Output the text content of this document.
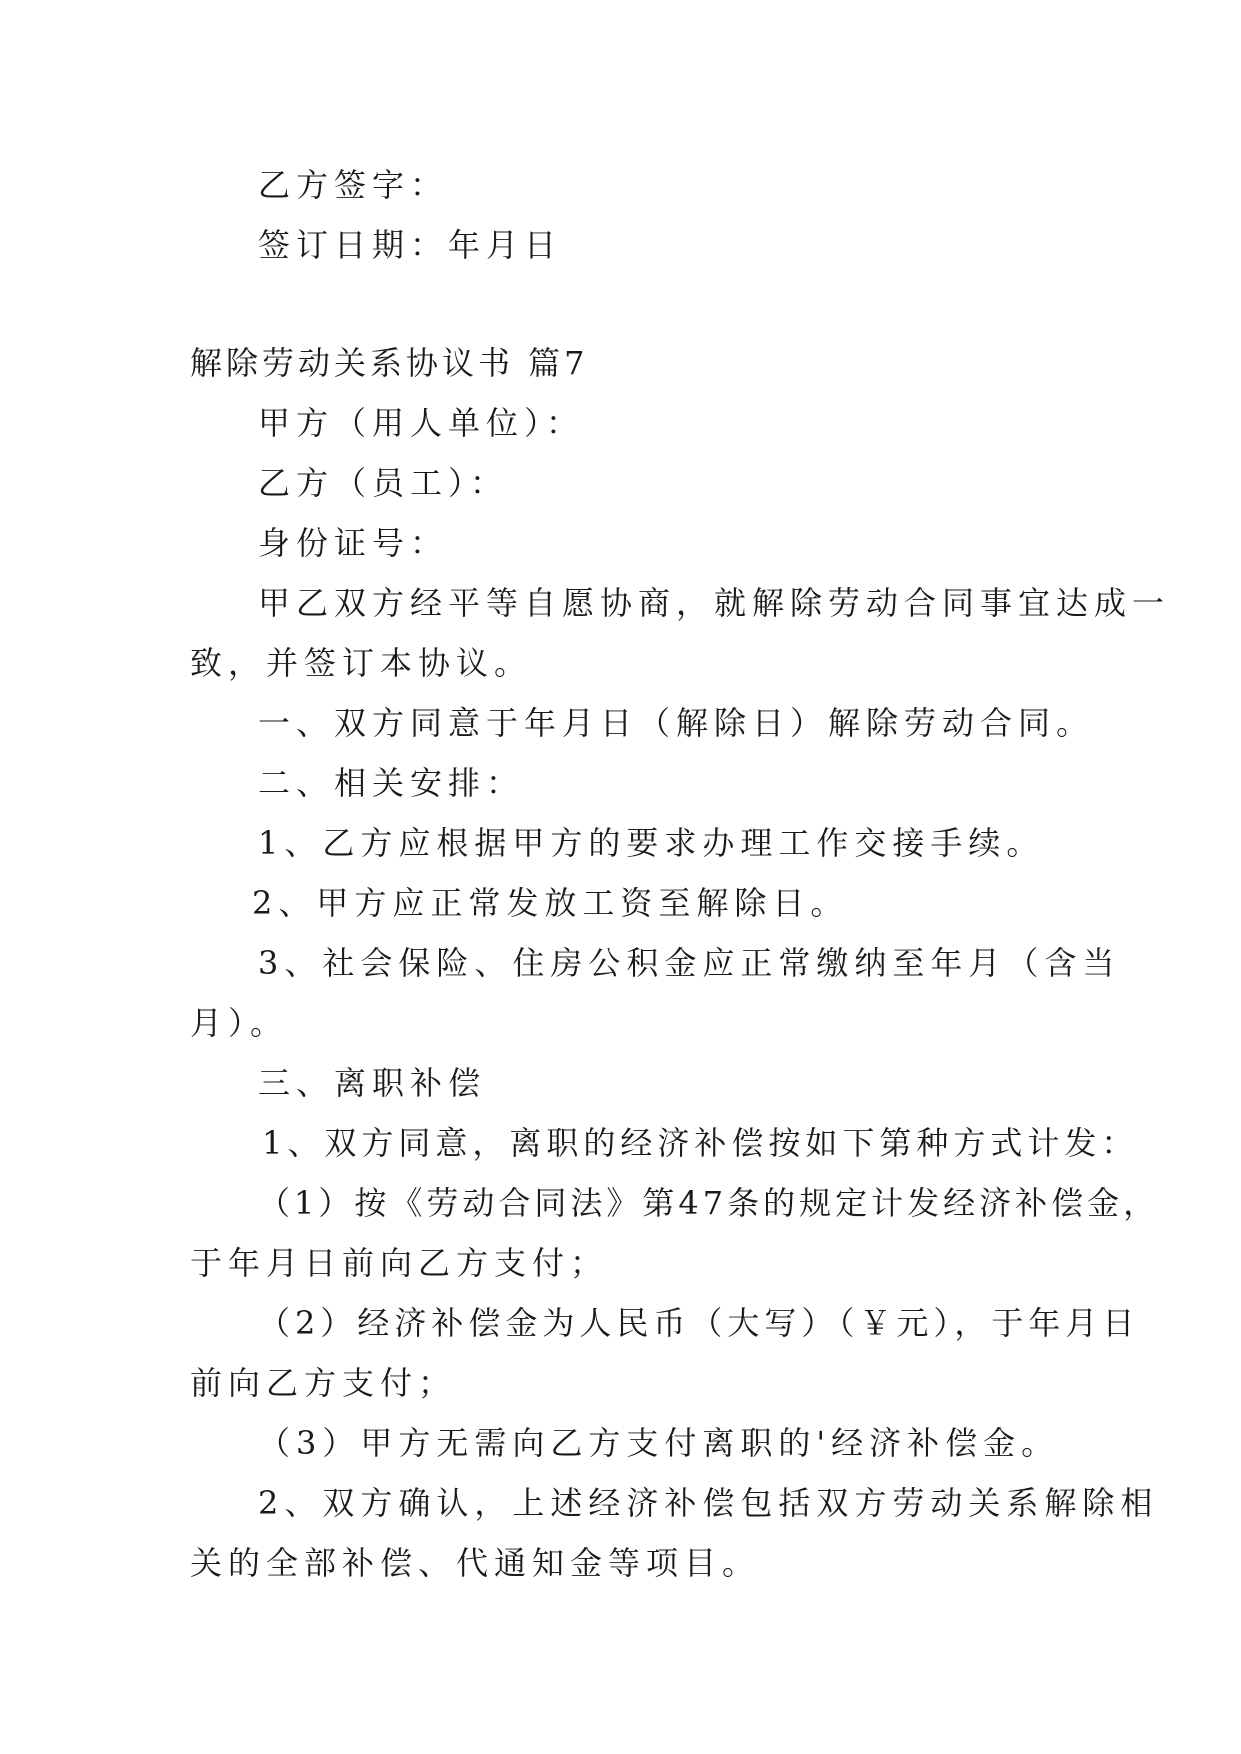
乙方签字：
签订日期：年月日
解除劳动关系协议书 篇7
甲方（用人单位）：
乙方（员工）：
身份证号：
甲乙双方经平等自愿协商，就解除劳动合同事宜达成一
致，并签订本协议。
一、双方同意于年月日（解除日）解除劳动合同。
二、相关安排：
1、乙方应根据甲方的要求办理工作交接手续。
2、甲方应正常发放工资至解除日。
3、社会保险、住房公积金应正常缴纳至年月（含当
月）。
三、离职补偿
1、双方同意，离职的经济补偿按如下第种方式计发：
（1）按《劳动合同法》第47条的规定计发经济补偿金，
于年月日前向乙方支付；
（2）经济补偿金为人民币（大写）（￥元），于年月日
前向乙方支付；
（3）甲方无需向乙方支付离职的'经济补偿金。
2、双方确认，上述经济补偿包括双方劳动关系解除相
关的全部补偿、代通知金等项目。
